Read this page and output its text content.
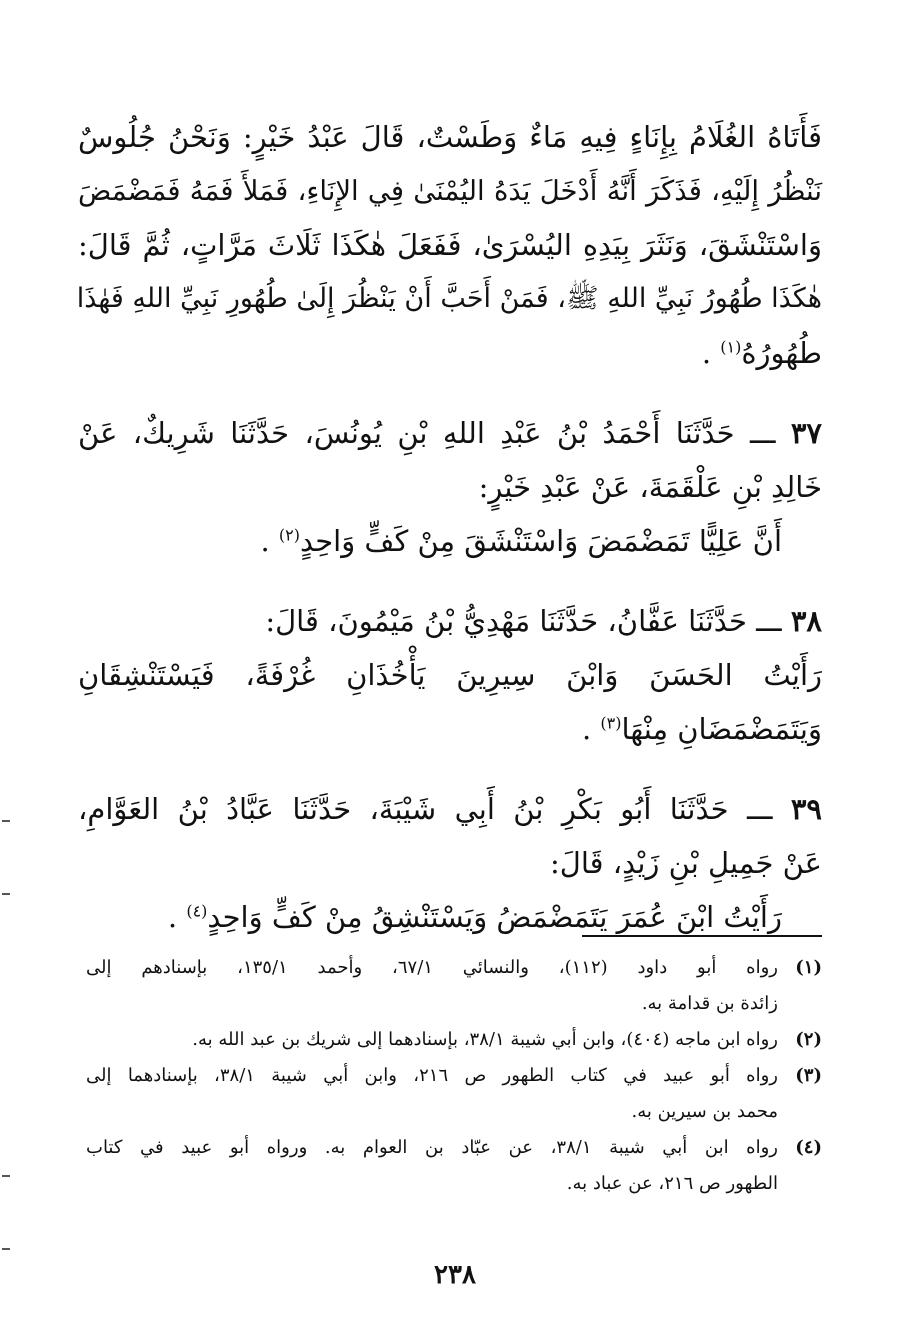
فَأَتَاهُ الغُلَامُ بِإِنَاءٍ فِيهِ مَاءٌ وَطَسْتٌ، قَالَ عَبْدُ خَيْرٍ: وَنَحْنُ جُلُوسٌ
نَنْظُرُ إِلَيْهِ، فَذَكَرَ أَنَّهُ أَدْخَلَ يَدَهُ اليُمْنَىٰ فِي الإِنَاءِ، فَمَلأَ فَمَهُ فَمَضْمَضَ
وَاسْتَنْشَقَ، وَنَثَرَ بِيَدِهِ اليُسْرَىٰ، فَفَعَلَ هٰكَذَا ثَلَاثَ مَرَّاتٍ، ثُمَّ قَالَ:
هٰكَذَا طُهُورُ نَبِيِّ اللهِ ﷺ، فَمَنْ أَحَبَّ أَنْ يَنْظُرَ إِلَىٰ طُهُورِ نَبِيِّ اللهِ فَهٰذَا
طُهُورُهُ$^{(١)}$ .
٣٧ ـــ حَدَّثَنَا أَحْمَدُ بْنُ عَبْدِ اللهِ بْنِ يُونُسَ، حَدَّثَنَا شَرِيكٌ، عَنْ
خَالِدِ بْنِ عَلْقَمَةَ، عَنْ عَبْدِ خَيْرٍ:
أَنَّ عَلِيًّا تَمَضْمَضَ وَاسْتَنْشَقَ مِنْ كَفٍّ وَاحِدٍ$^{(٢)}$ .
٣٨ ـــ حَدَّثَنَا عَفَّانُ، حَدَّثَنَا مَهْدِيُّ بْنُ مَيْمُونَ، قَالَ:
رَأَيْتُ الحَسَنَ وَابْنَ سِيرِينَ يَأْخُذَانِ غُرْفَةً، فَيَسْتَنْشِقَانِ
وَيَتَمَضْمَضَانِ مِنْهَا$^{(٣)}$ .
٣٩ ـــ حَدَّثَنَا أَبُو بَكْرِ بْنُ أَبِي شَيْبَةَ، حَدَّثَنَا عَبَّادُ بْنُ العَوَّامِ،
عَنْ جَمِيلِ بْنِ زَيْدٍ، قَالَ:
رَأَيْتُ ابْنَ عُمَرَ يَتَمَضْمَضُ وَيَسْتَنْشِقُ مِنْ كَفٍّ وَاحِدٍ$^{(٤)}$ .
(١)
رواه أبو داود (١١٢)، والنسائي ٦٧/١، وأحمد ١٣٥/١، بإسنادهم إلى
زائدة بن قدامة به.
(٢)
رواه ابن ماجه (٤٠٤)، وابن أبي شيبة ٣٨/١، بإسنادهما إلى شريك بن عبد الله به.
(٣)
رواه أبو عبيد في كتاب الطهور ص ٢١٦، وابن أبي شيبة ٣٨/١، بإسنادهما إلى
محمد بن سيرين به.
(٤)
رواه ابن أبي شيبة ٣٨/١، عن عبّاد بن العوام به. ورواه أبو عبيد في كتاب
الطهور ص ٢١٦، عن عباد به.
٢٣٨
